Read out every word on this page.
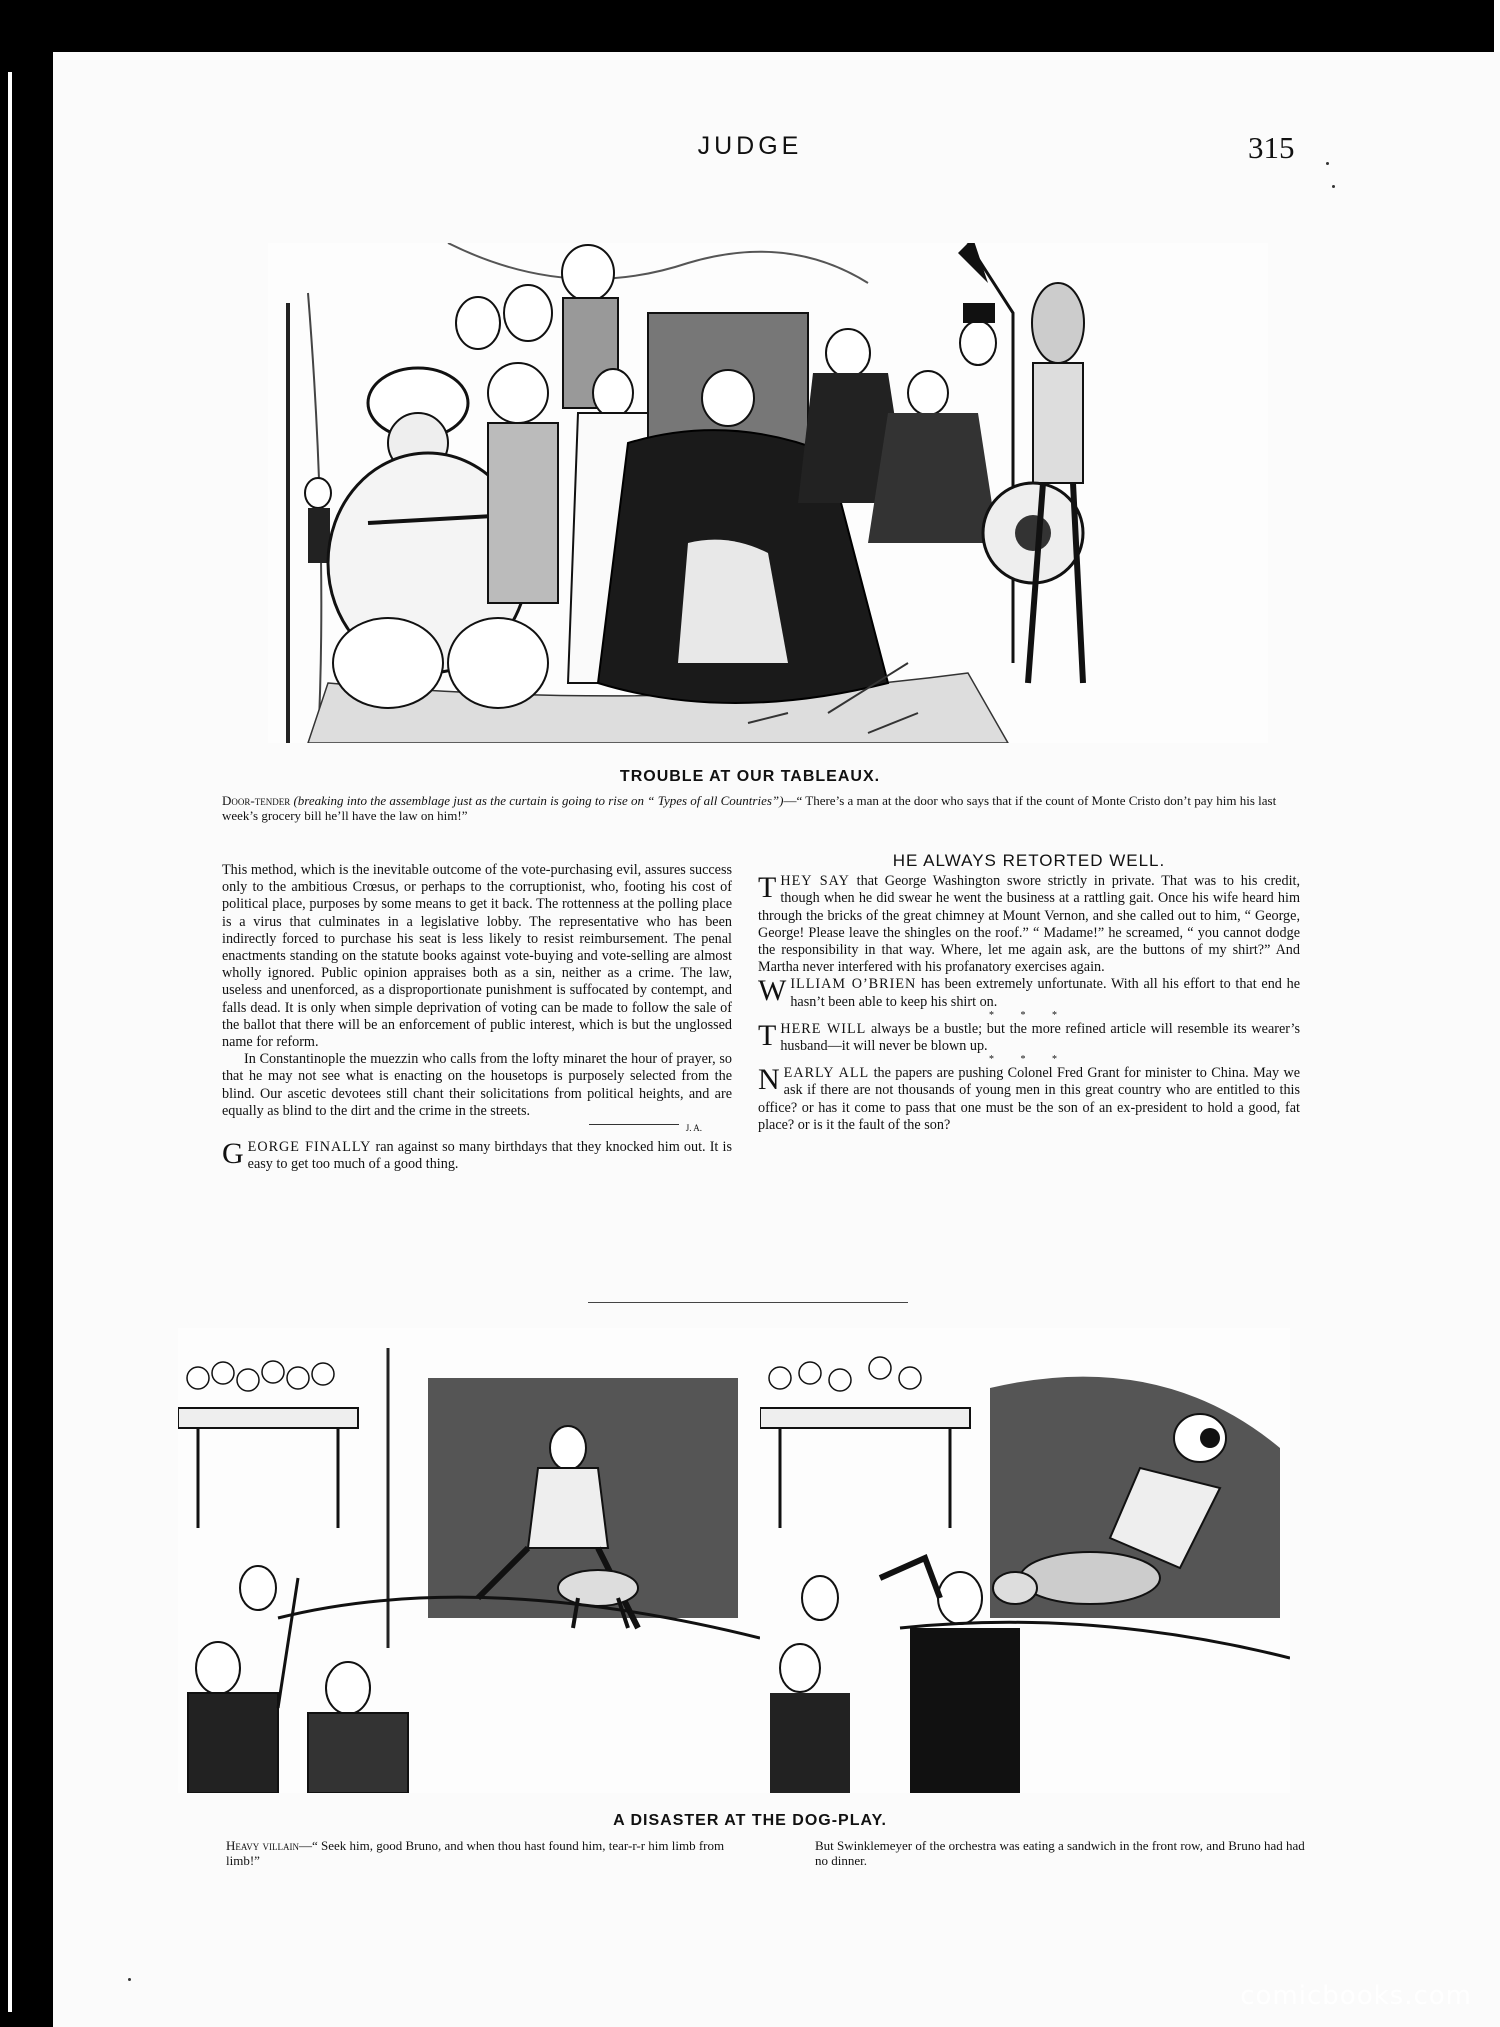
JUDGE	315
TROUBLE AT OUR TABLEAUX.
Door-tender (breaking into the assemblage just as the curtain is going to rise on “ Types of all Countries”)—“ There’s a man at the door who says that if the count of Monte Cristo don’t pay him his last week’s grocery bill he’ll have the law on him!”

This method, which is the inevitable outcome of the vote-purchasing evil, assures success only to the ambitious Crœsus, or perhaps to the corruptionist, who, footing his cost of political place, purposes by some means to get it back. The rottenness at the polling place is a virus that culminates in a legislative lobby. The representative who has been indirectly forced to purchase his seat is less likely to resist reimbursement. The penal enactments standing on the statute books against vote-buying and vote-selling are almost wholly ignored. Public opinion appraises both as a sin, neither as a crime. The law, useless and unenforced, as a disproportionate punishment is suffocated by contempt, and falls dead. It is only when simple deprivation of voting can be made to follow the sale of the ballot that there will be an enforcement of public interest, which is but the unglossed name for reform.

In Constantinople the muezzin who calls from the lofty minaret the hour of prayer, so that he may not see what is enacting on the housetops is purposely selected from the blind. Our ascetic devotees still chant their solicitations from political heights, and are equally as blind to the dirt and the crime in the streets.

J. A.

GEORGE FINALLY ran against so many birthdays that they knocked him out. It is easy to get too much of a good thing.

HE ALWAYS RETORTED WELL.

THEY SAY that George Washington swore strictly in private. That was to his credit, though when he did swear he went the business at a rattling gait. Once his wife heard him through the bricks of the great chimney at Mount Vernon, and she called out to him, “ George, George! Please leave the shingles on the roof.” “ Madame!” he screamed, “ you cannot dodge the responsibility in that way. Where, let me again ask, are the buttons of my shirt?” And Martha never interfered with his profanatory exercises again.

WILLIAM O’BRIEN has been extremely unfortunate. With all his effort to that end he hasn’t been able to keep his shirt on.

* * *

THERE WILL always be a bustle; but the more refined article will resemble its wearer’s husband—it will never be blown up.

* * *

NEARLY ALL the papers are pushing Colonel Fred Grant for minister to China. May we ask if there are not thousands of young men in this great country who are entitled to this office? or has it come to pass that one must be the son of an ex-president to hold a good, fat place? or is it the fault of the son?

A DISASTER AT THE DOG-PLAY.
Heavy villain—“ Seek him, good Bruno, and when thou hast found him, tear-r-r him limb from limb!”
But Swinklemeyer of the orchestra was eating a sandwich in the front row, and Bruno had had no dinner.
comicbooks.com
